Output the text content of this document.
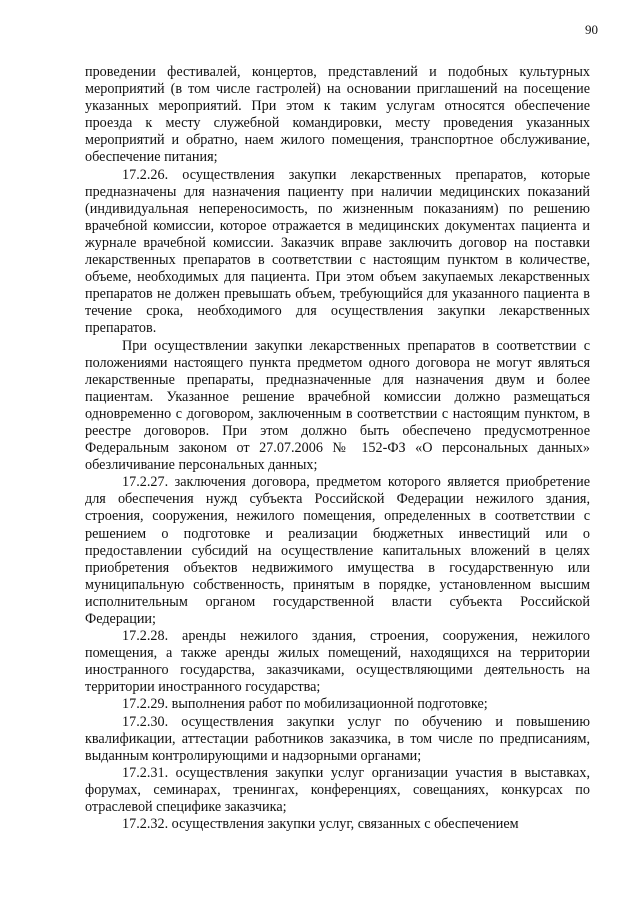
90

проведении фестивалей, концертов, представлений и подобных культурных мероприятий (в том числе гастролей) на основании приглашений на посещение указанных мероприятий. При этом к таким услугам относятся обеспечение проезда к месту служебной командировки, месту проведения указанных мероприятий и обратно, наем жилого помещения, транспортное обслуживание, обеспечение питания;

17.2.26. осуществления закупки лекарственных препаратов, которые предназначены для назначения пациенту при наличии медицинских показаний (индивидуальная непереносимость, по жизненным показаниям) по решению врачебной комиссии, которое отражается в медицинских документах пациента и журнале врачебной комиссии. Заказчик вправе заключить договор на поставки лекарственных препаратов в соответствии с настоящим пунктом в количестве, объеме, необходимых для пациента. При этом объем закупаемых лекарственных препаратов не должен превышать объем, требующийся для указанного пациента в течение срока, необходимого для осуществления закупки лекарственных препаратов.

При осуществлении закупки лекарственных препаратов в соответствии с положениями настоящего пункта предметом одного договора не могут являться лекарственные препараты, предназначенные для назначения двум и более пациентам. Указанное решение врачебной комиссии должно размещаться одновременно с договором, заключенным в соответствии с настоящим пунктом, в реестре договоров. При этом должно быть обеспечено предусмотренное Федеральным законом от 27.07.2006 № 152-ФЗ «О персональных данных» обезличивание персональных данных;

17.2.27. заключения договора, предметом которого является приобретение для обеспечения нужд субъекта Российской Федерации нежилого здания, строения, сооружения, нежилого помещения, определенных в соответствии с решением о подготовке и реализации бюджетных инвестиций или о предоставлении субсидий на осуществление капитальных вложений в целях приобретения объектов недвижимого имущества в государственную или муниципальную собственность, принятым в порядке, установленном высшим исполнительным органом государственной власти субъекта Российской Федерации;

17.2.28. аренды нежилого здания, строения, сооружения, нежилого помещения, а также аренды жилых помещений, находящихся на территории иностранного государства, заказчиками, осуществляющими деятельность на территории иностранного государства;

17.2.29. выполнения работ по мобилизационной подготовке;

17.2.30. осуществления закупки услуг по обучению и повышению квалификации, аттестации работников заказчика, в том числе по предписаниям, выданным контролирующими и надзорными органами;

17.2.31. осуществления закупки услуг организации участия в выставках, форумах, семинарах, тренингах, конференциях, совещаниях, конкурсах по отраслевой специфике заказчика;

17.2.32. осуществления закупки услуг, связанных с обеспечением
